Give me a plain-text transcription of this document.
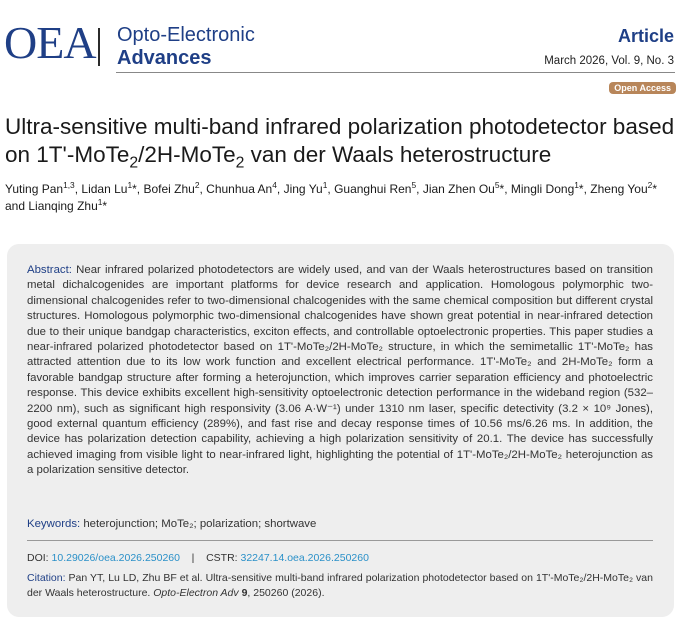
OEA Opto-Electronic
Advances
Article
March 2026, Vol. 9, No. 3
Open Access
Ultra-sensitive multi-band infrared polarization photodetector based on 1T'-MoTe$_2$/2H-MoTe$_2$ van der Waals heterostructure
Yuting Pan$^{1,3}$, Lidan Lu$^1$*, Bofei Zhu$^2$, Chunhua An$^4$, Jing Yu$^1$, Guanghui Ren$^5$, Jian Zhen Ou$^5$*, Mingli Dong$^1$*, Zheng You$^2$* and Lianqing Zhu$^1$*
Abstract: Near infrared polarized photodetectors are widely used, and van der Waals heterostructures based on transition metal dichalcogenides are important platforms for device research and application. Homologous polymorphic two-dimensional chalcogenides refer to two-dimensional chalcogenides with the same chemical composition but different crystal structures. Homologous polymorphic two-dimensional chalcogenides have shown great potential in near-infrared detection due to their unique bandgap characteristics, exciton effects, and controllable optoelectronic properties. This paper studies a near-infrared polarized photodetector based on 1T'-MoTe₂/2H-MoTe₂ structure, in which the semimetallic 1T'-MoTe₂ has attracted attention due to its low work function and excellent electrical performance. 1T'-MoTe₂ and 2H-MoTe₂ form a favorable bandgap structure after forming a heterojunction, which improves carrier separation efficiency and photoelectric response. This device exhibits excellent high-sensitivity optoelectronic detection performance in the wideband region (532–2200 nm), such as significant high responsivity (3.06 A·W⁻¹) under 1310 nm laser, specific detectivity (3.2 × 10⁹ Jones), good external quantum efficiency (289%), and fast rise and decay response times of 10.56 ms/6.26 ms. In addition, the device has polarization detection capability, achieving a high polarization sensitivity of 20.1. The device has successfully achieved imaging from visible light to near-infrared light, highlighting the potential of 1T'-MoTe₂/2H-MoTe₂ heterojunction as a polarization sensitive detector.
Keywords: heterojunction; MoTe₂; polarization; shortwave
DOI: 10.29026/oea.2026.250260 | CSTR: 32247.14.oea.2026.250260
Citation: Pan YT, Lu LD, Zhu BF et al. Ultra-sensitive multi-band infrared polarization photodetector based on 1T'-MoTe₂/2H-MoTe₂ van der Waals heterostructure. Opto-Electron Adv 9, 250260 (2026).
